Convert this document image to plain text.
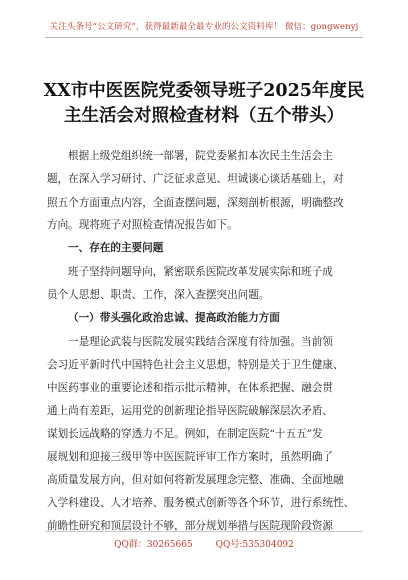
关注头条号“公文研究”，获得最新最全最专业的公文资料库！ 微信：gongwenyj
XX市中医医院党委领导班子2025年度民
主生活会对照检查材料（五个带头）
根据上级党组织统一部署，院党委紧扣本次民主生活会主
题，在深入学习研讨、广泛征求意见、坦诚谈心谈话基础上，对
照五个方面重点内容，全面查摆问题，深刻剖析根源，明确整改
方向。现将班子对照检查情况报告如下。
一、存在的主要问题
班子坚持问题导向，紧密联系医院改革发展实际和班子成
员个人思想、职责、工作，深入查摆突出问题。
（一）带头强化政治忠诚、提高政治能力方面
一是理论武装与医院发展实践结合深度有待加强。当前领
会习近平新时代中国特色社会主义思想，特别是关于卫生健康、
中医药事业的重要论述和指示批示精神，在体系把握、融会贯
通上尚有差距，运用党的创新理论指导医院破解深层次矛盾、
谋划长远战略的穿透力不足。例如，在制定医院“十五五”发
展规划和迎接三级甲等中医医院评审工作方案时，虽然明确了
高质量发展方向，但对如何将新发展理念完整、准确、全面地融
入学科建设、人才培养、服务模式创新等各个环节，进行系统性、
前瞻性研究和顶层设计不够，部分规划举措与医院现阶段资源
QQ群：30265665	QQ号:535304092
